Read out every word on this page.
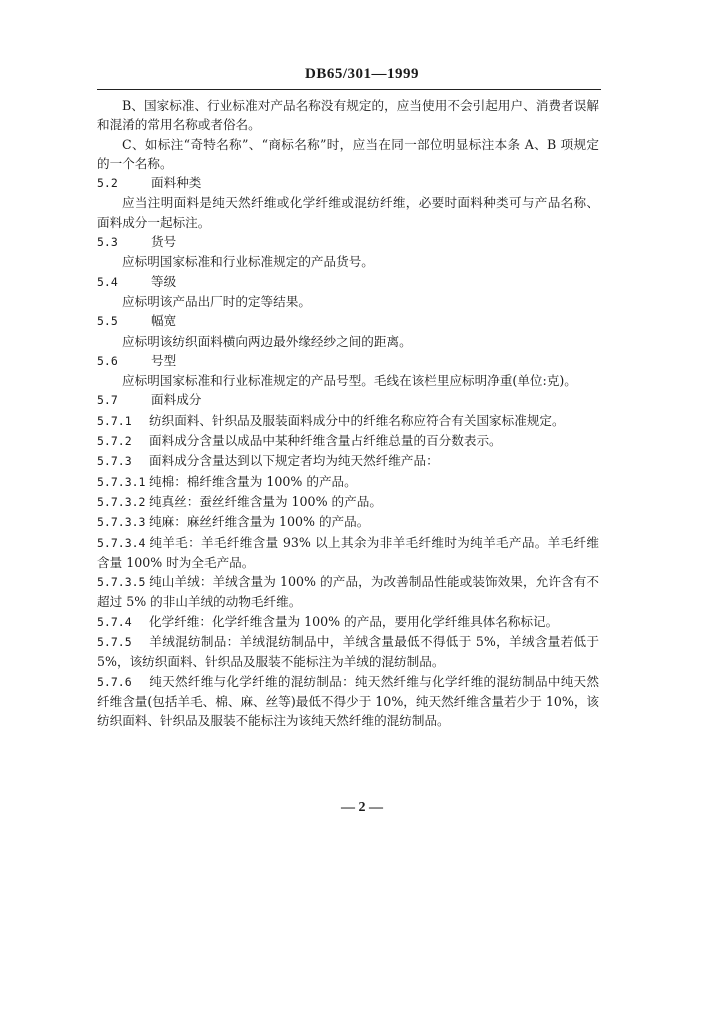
DB65/301—1999
B、国家标准、行业标准对产品名称没有规定的，应当使用不会引起用户、消费者误解和混淆的常用名称或者俗名。
C、如标注“奇特名称”、“商标名称”时，应当在同一部位明显标注本条 A、B 项规定的一个名称。
5.2	面料种类
应当注明面料是纯天然纤维或化学纤维或混纺纤维，必要时面料种类可与产品名称、面料成分一起标注。
5.3	货号
应标明国家标准和行业标准规定的产品货号。
5.4	等级
应标明该产品出厂时的定等结果。
5.5	幅宽
应标明该纺织面料横向两边最外缘经纱之间的距离。
5.6	号型
应标明国家标准和行业标准规定的产品号型。毛线在该栏里应标明净重(单位:克)。
5.7	面料成分
5.7.1 纺织面料、针织品及服装面料成分中的纤维名称应符合有关国家标准规定。
5.7.2 面料成分含量以成品中某种纤维含量占纤维总量的百分数表示。
5.7.3 面料成分含量达到以下规定者均为纯天然纤维产品：
5.7.3.1 纯棉：棉纤维含量为 100% 的产品。
5.7.3.2 纯真丝：蚕丝纤维含量为 100% 的产品。
5.7.3.3 纯麻：麻丝纤维含量为 100% 的产品。
5.7.3.4 纯羊毛：羊毛纤维含量 93% 以上其余为非羊毛纤维时为纯羊毛产品。羊毛纤维含量 100% 时为全毛产品。
5.7.3.5 纯山羊绒：羊绒含量为 100% 的产品，为改善制品性能或装饰效果，允许含有不超过 5% 的非山羊绒的动物毛纤维。
5.7.4 化学纤维：化学纤维含量为 100% 的产品，要用化学纤维具体名称标记。
5.7.5 羊绒混纺制品：羊绒混纺制品中，羊绒含量最低不得低于 5%，羊绒含量若低于 5%，该纺织面料、针织品及服装不能标注为羊绒的混纺制品。
5.7.6 纯天然纤维与化学纤维的混纺制品：纯天然纤维与化学纤维的混纺制品中纯天然纤维含量(包括羊毛、棉、麻、丝等)最低不得少于 10%，纯天然纤维含量若少于 10%，该纺织面料、针织品及服装不能标注为该纯天然纤维的混纺制品。
— 2 —
